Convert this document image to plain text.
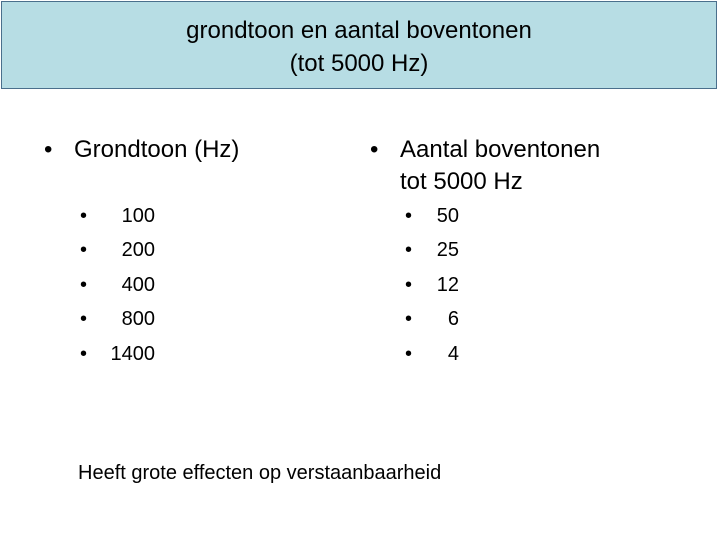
grondtoon en aantal boventonen
(tot 5000 Hz)
• Grondtoon (Hz)
• 100
• 200
• 400
• 800
• 1400
• Aantal boventonen
tot 5000 Hz
• 50
• 25
• 12
• 6
• 4
Heeft grote effecten op verstaanbaarheid
